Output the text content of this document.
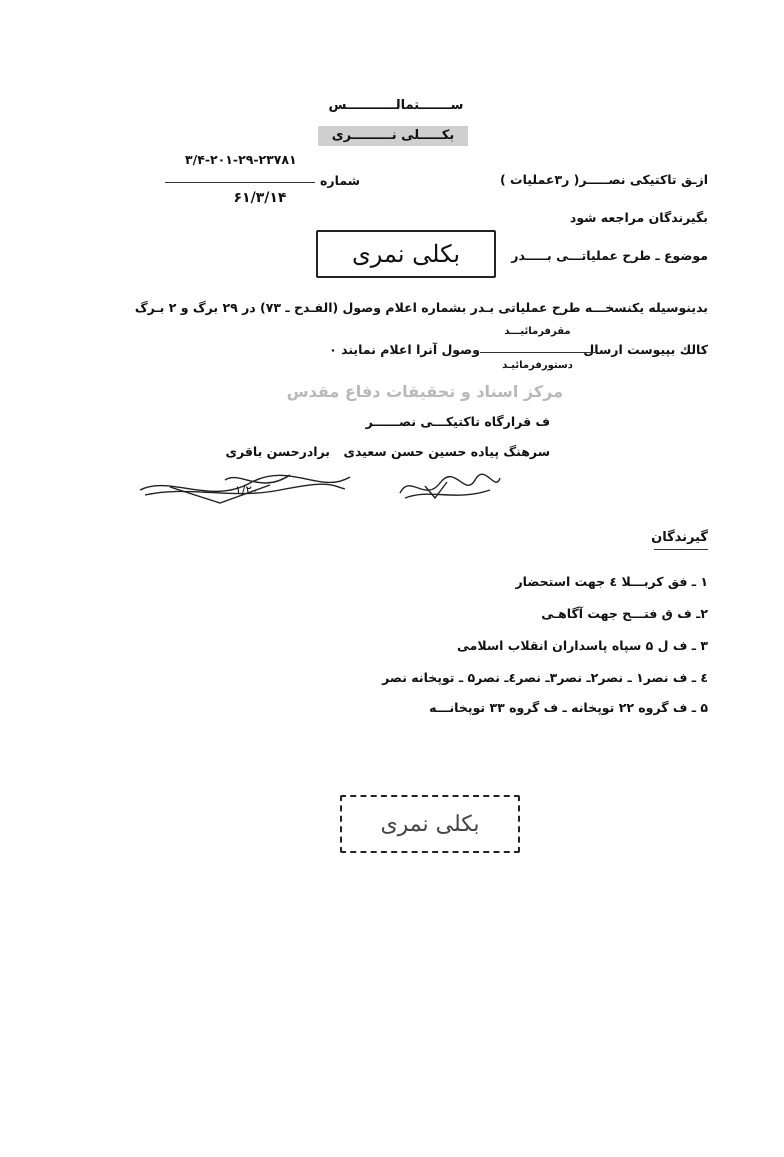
ســـــــتمالـــــــــــس
بکـــــلی نـــــــــری
۳/۴-۲۰۱-۲۹-۲۳۷۸۱
شماره
۶۱/۳/۱۴
ازـق تاکتیکی نصـــــر( ر۳عملیات )
بگیرندگان مراجعه شود
موضوع ـ طرح عملیاتـــی بـــــدر
بکلی نمری
بدینوسیله یکنسخـــه طرح عملیاتی بـدر بشماره اعلام وصول (الفـدح ـ ۷۳) در ۲۹ برگ و ۲ بـرگ
کالك بپیوست ارسال
مقرفرمائیـــد
وصول آنرا اعلام نمایند ۰
دستورفرمائیـد
مرکز اسناد و تحقیقات دفاع مقدس
ف قرارگاه تاکتیکـــی نصــــــر
سرهنگ پیاده حسین حسن سعیدی
برادرحسن باقری
۱/۲۰
گیرندگان
۱ ـ فق کربـــلا ٤ جهت استحضار
۲ـ ف ق فتـــح جهت آگاهـی
۳ ـ ف ل ۵ سپاه پاسداران انقلاب اسلامی
٤ ـ ف نصر۱ ـ نصر۲ـ نصر۳ـ نصر٤ـ نصر۵ ـ توپخانه نصر
۵ ـ ف گروه ۲۲ توپخانه ـ ف گروه ۳۳ توپخانـــه
بکلی نمری
